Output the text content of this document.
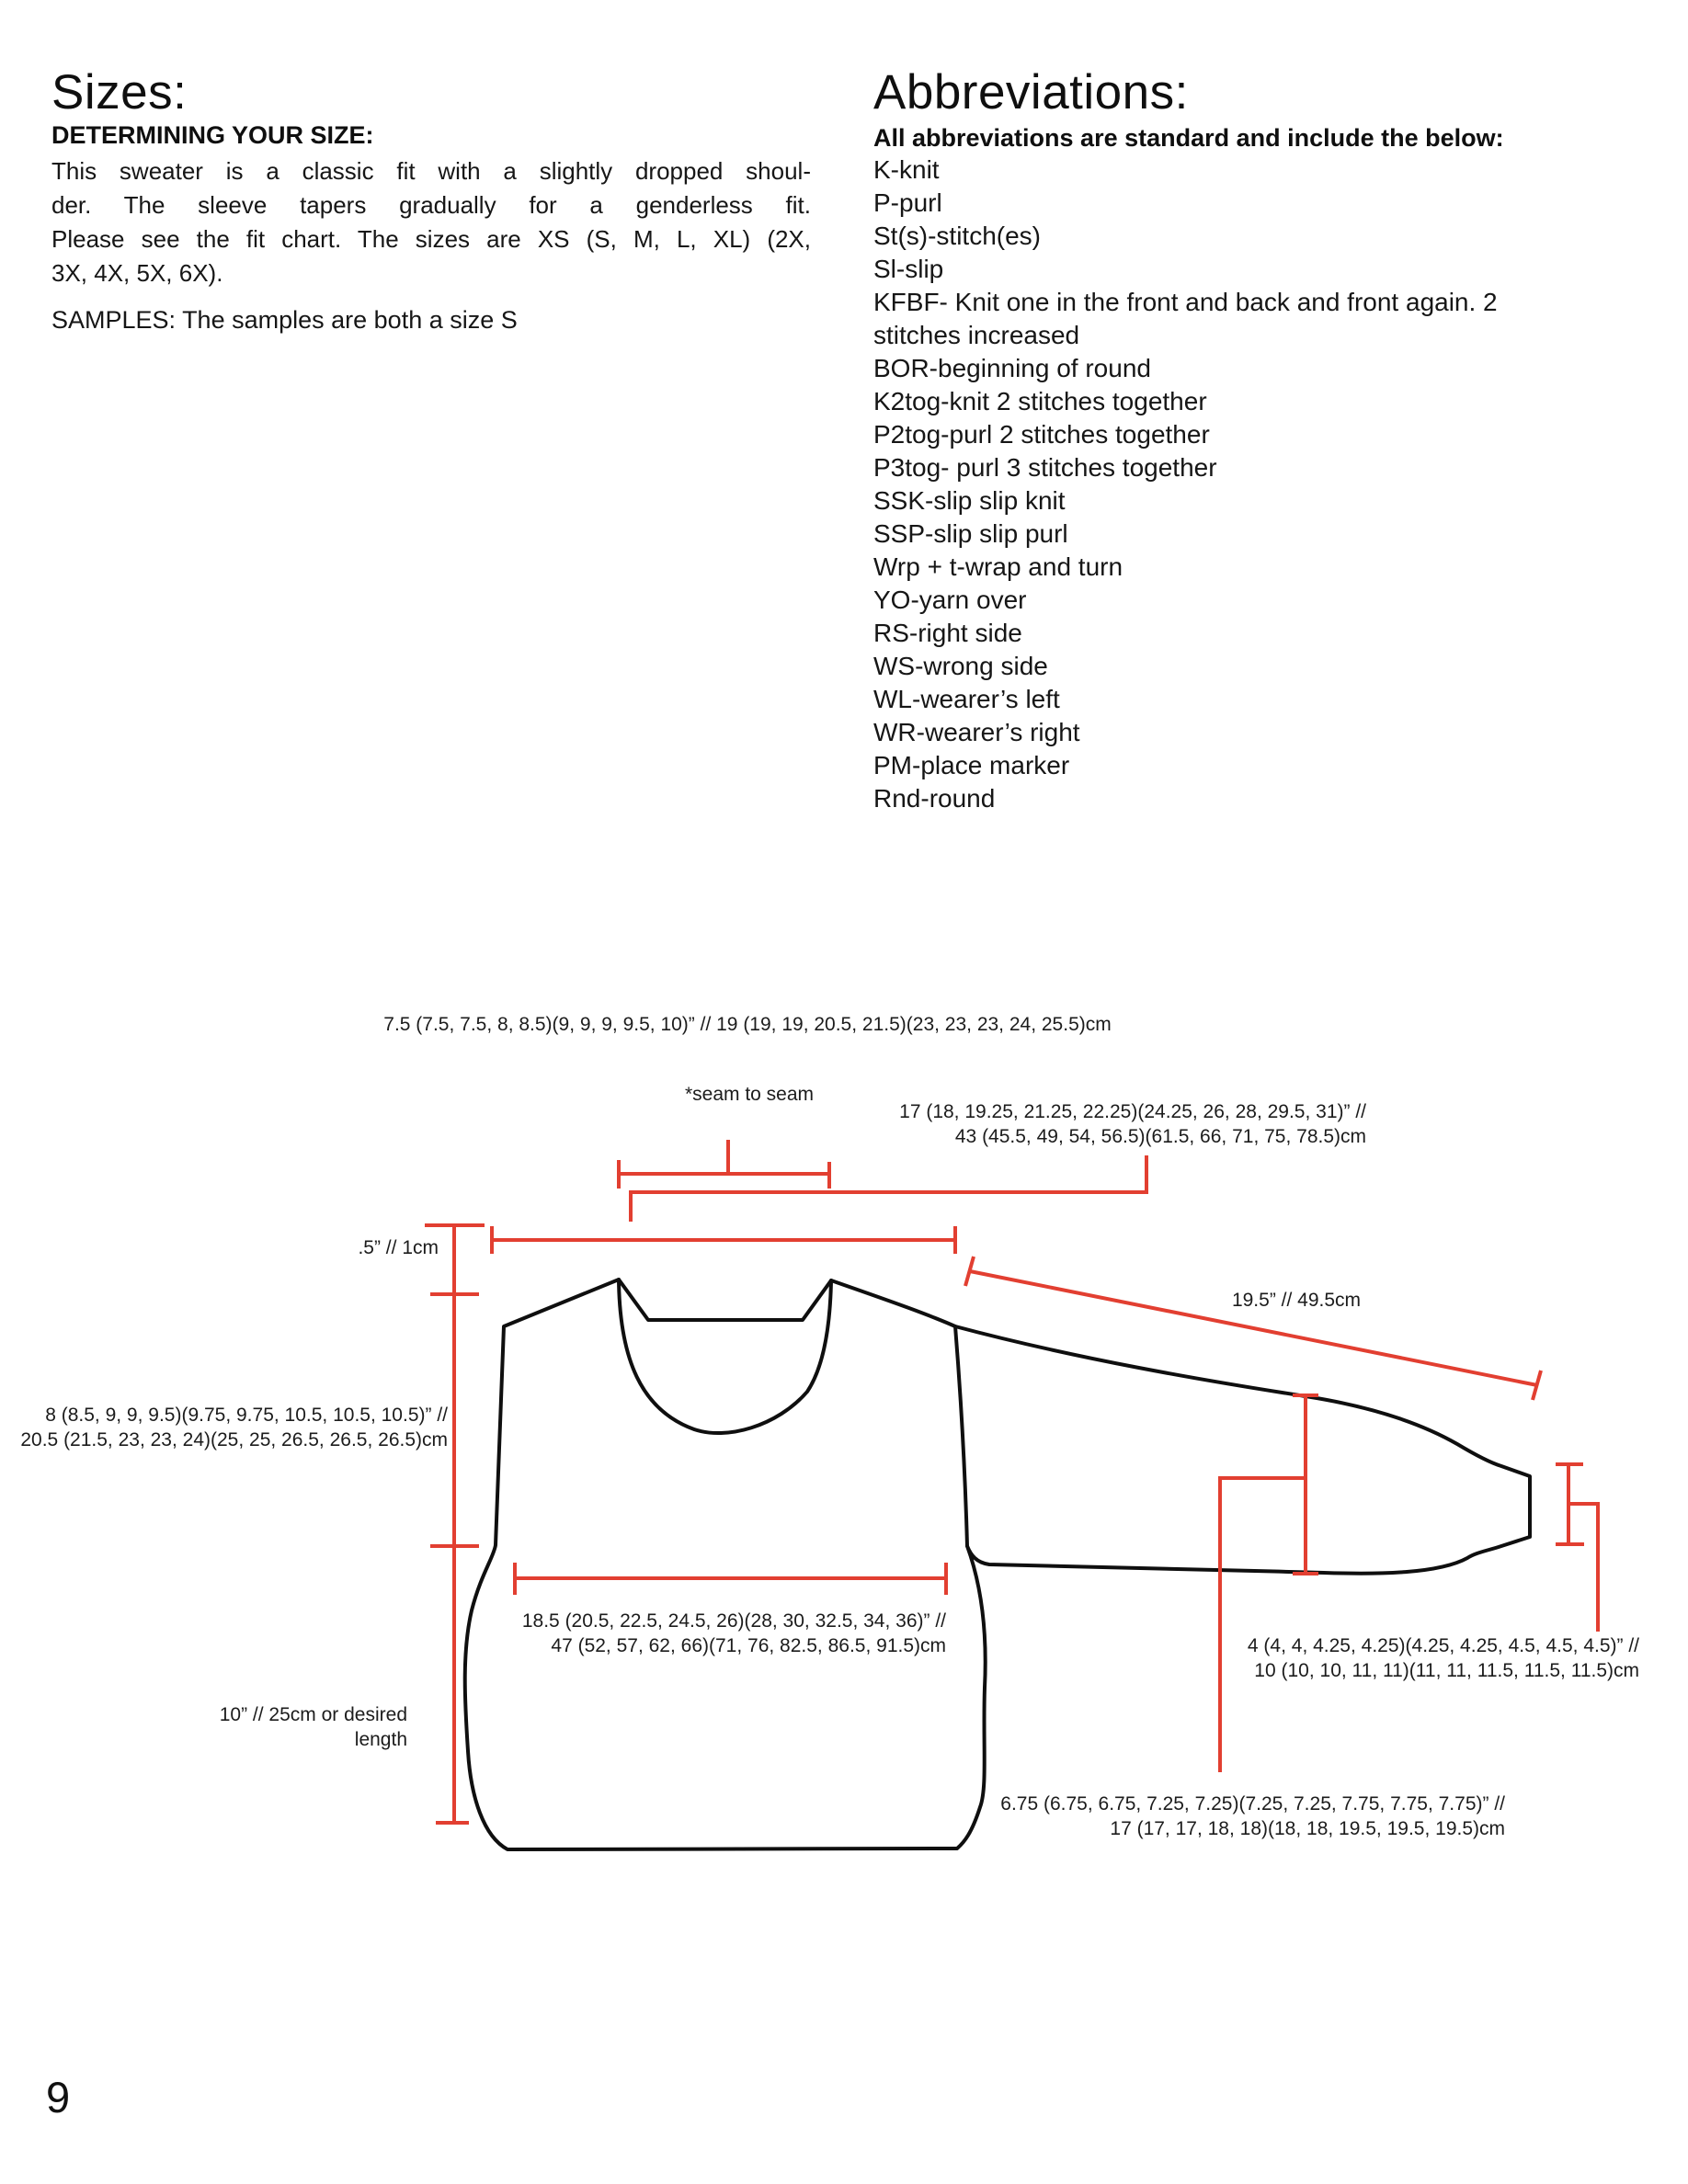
Sizes:
DETERMINING YOUR SIZE:
This sweater is a classic fit with a slightly dropped shoul-
der. The sleeve tapers gradually for a genderless fit.
Please see the fit chart. The sizes are XS (S, M, L, XL) (2X,
3X, 4X, 5X, 6X).
SAMPLES: The samples are both a size S
Abbreviations:
All abbreviations are standard and include the below:
K-knit
P-purl
St(s)-stitch(es)
Sl-slip
KFBF- Knit one in the front and back and front again. 2
stitches increased
BOR-beginning of round
K2tog-knit 2 stitches together
P2tog-purl 2 stitches together
P3tog- purl 3 stitches together
SSK-slip slip knit
SSP-slip slip purl
Wrp + t-wrap and turn
YO-yarn over
RS-right side
WS-wrong side
WL-wearer’s left
WR-wearer’s right
PM-place marker
Rnd-round
7.5 (7.5, 7.5, 8, 8.5)(9, 9, 9, 9.5, 10)” // 19 (19, 19, 20.5, 21.5)(23, 23, 23, 24, 25.5)cm
*seam to seam
17 (18, 19.25, 21.25, 22.25)(24.25, 26, 28, 29.5, 31)” //
43 (45.5, 49, 54, 56.5)(61.5, 66, 71, 75, 78.5)cm
.5” // 1cm
8 (8.5, 9, 9, 9.5)(9.75, 9.75, 10.5, 10.5, 10.5)” //
20.5 (21.5, 23, 23, 24)(25, 25, 26.5, 26.5, 26.5)cm
19.5” // 49.5cm
18.5 (20.5, 22.5, 24.5, 26)(28, 30, 32.5, 34, 36)” //
47 (52, 57, 62, 66)(71, 76, 82.5, 86.5, 91.5)cm
10” // 25cm or desired
length
6.75 (6.75, 6.75, 7.25, 7.25)(7.25, 7.25, 7.75, 7.75, 7.75)” //
17 (17, 17, 18, 18)(18, 18, 19.5, 19.5, 19.5)cm
4 (4, 4, 4.25, 4.25)(4.25, 4.25, 4.5, 4.5, 4.5)” //
10 (10, 10, 11, 11)(11, 11, 11.5, 11.5, 11.5)cm
9
